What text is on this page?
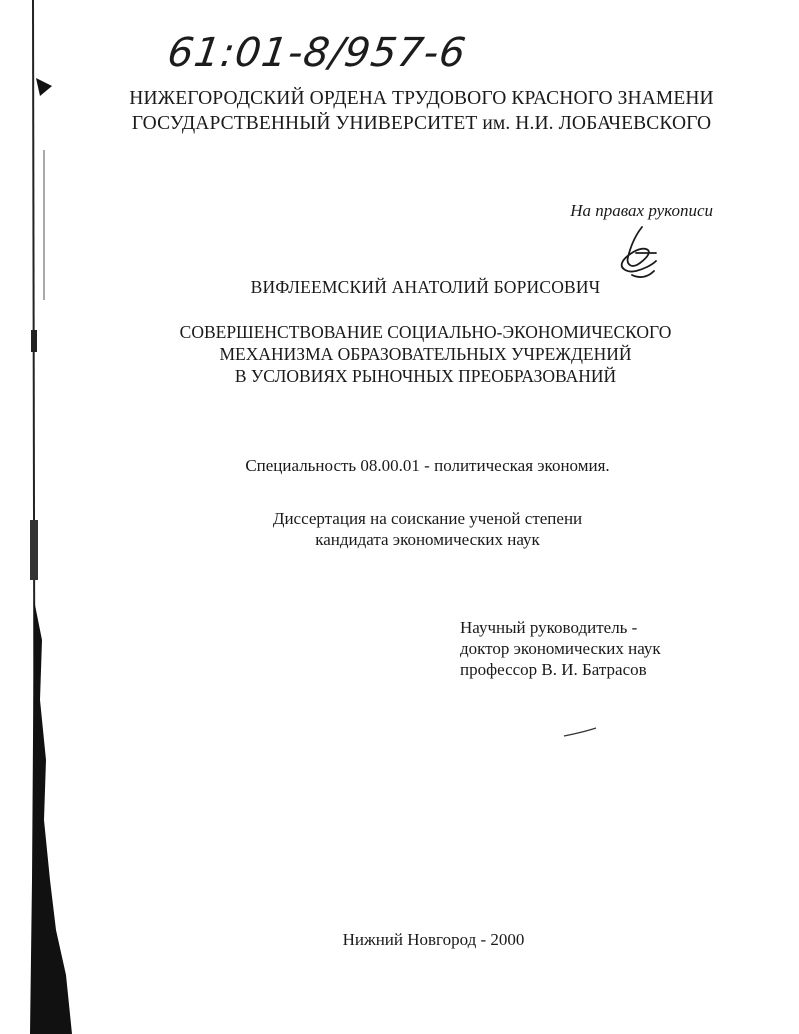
61:01-8/957-6

НИЖЕГОРОДСКИЙ ОРДЕНА ТРУДОВОГО КРАСНОГО ЗНАМЕНИ

ГОСУДАРСТВЕННЫЙ УНИВЕРСИТЕТ им. Н.И. ЛОБАЧЕВСКОГО

На правах рукописи

ВИФЛЕЕМСКИЙ АНАТОЛИЙ БОРИСОВИЧ

СОВЕРШЕНСТВОВАНИЕ СОЦИАЛЬНО-ЭКОНОМИЧЕСКОГО

МЕХАНИЗМА ОБРАЗОВАТЕЛЬНЫХ УЧРЕЖДЕНИЙ

В УСЛОВИЯХ РЫНОЧНЫХ ПРЕОБРАЗОВАНИЙ

Специальность 08.00.01 - политическая экономия.

Диссертация на соискание ученой степени

кандидата экономических наук

Научный руководитель -

доктор экономических наук

профессор В. И. Батрасов

Нижний Новгород - 2000
